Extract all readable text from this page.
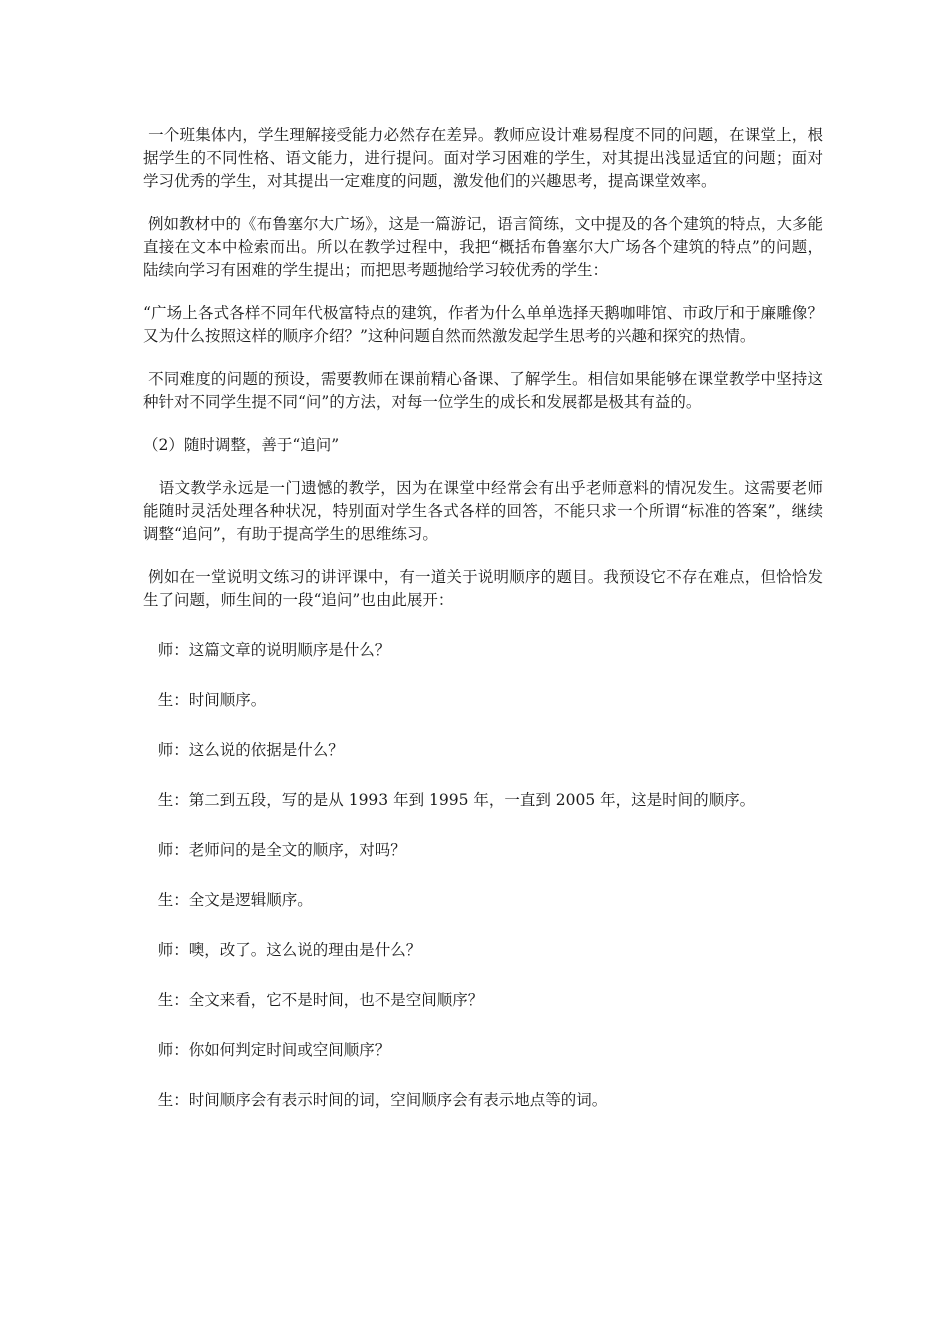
一个班集体内，学生理解接受能力必然存在差异。教师应设计难易程度不同的问题，在课堂上，根据学生的不同性格、语文能力，进行提问。面对学习困难的学生，对其提出浅显适宜的问题；面对学习优秀的学生，对其提出一定难度的问题，激发他们的兴趣思考，提高课堂效率。

例如教材中的《布鲁塞尔大广场》，这是一篇游记，语言简练，文中提及的各个建筑的特点，大多能直接在文本中检索而出。所以在教学过程中，我把“概括布鲁塞尔大广场各个建筑的特点”的问题，陆续向学习有困难的学生提出；而把思考题抛给学习较优秀的学生：

“广场上各式各样不同年代极富特点的建筑，作者为什么单单选择天鹅咖啡馆、市政厅和于廉雕像？又为什么按照这样的顺序介绍？”这种问题自然而然激发起学生思考的兴趣和探究的热情。

不同难度的问题的预设，需要教师在课前精心备课、了解学生。相信如果能够在课堂教学中坚持这种针对不同学生提不同“问”的方法，对每一位学生的成长和发展都是极其有益的。

（2）随时调整，善于“追问”

语文教学永远是一门遗憾的教学，因为在课堂中经常会有出乎老师意料的情况发生。这需要老师能随时灵活处理各种状况，特别面对学生各式各样的回答，不能只求一个所谓“标准的答案”，继续调整“追问”，有助于提高学生的思维练习。

例如在一堂说明文练习的讲评课中，有一道关于说明顺序的题目。我预设它不存在难点，但恰恰发生了问题，师生间的一段“追问”也由此展开：

师：这篇文章的说明顺序是什么？

生：时间顺序。

师：这么说的依据是什么？

生：第二到五段，写的是从 1993 年到 1995 年，一直到 2005 年，这是时间的顺序。

师：老师问的是全文的顺序，对吗？

生：全文是逻辑顺序。

师：噢，改了。这么说的理由是什么？

生：全文来看，它不是时间，也不是空间顺序？

师：你如何判定时间或空间顺序？

生：时间顺序会有表示时间的词，空间顺序会有表示地点等的词。
